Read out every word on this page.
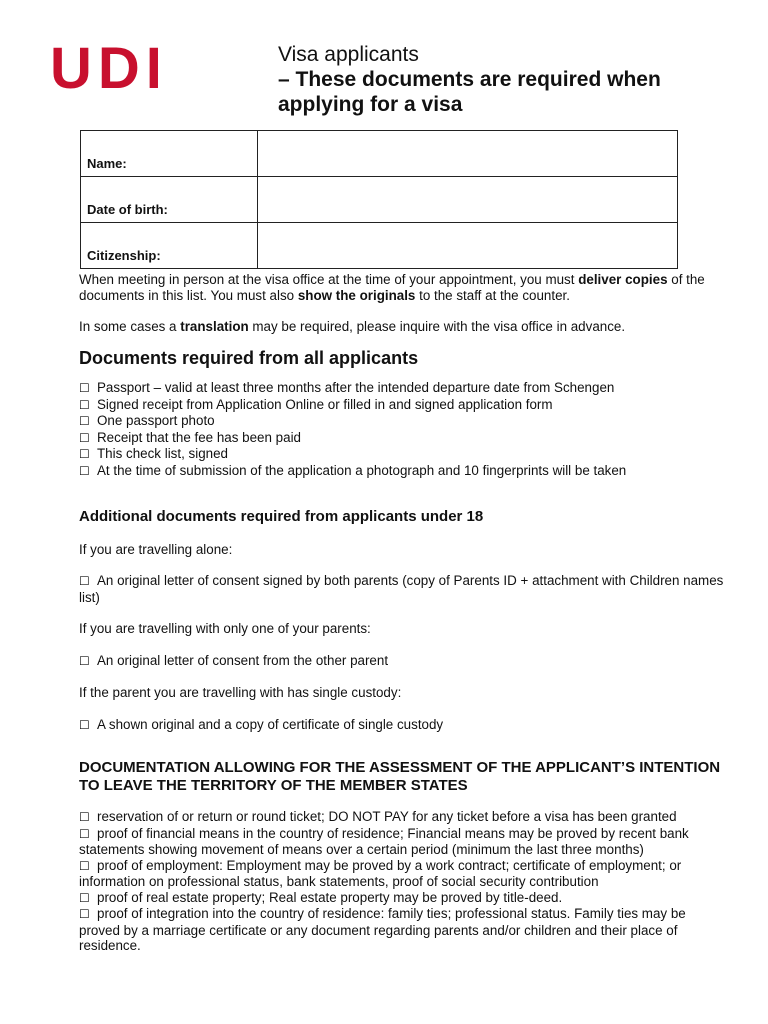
UDI	Visa applicants
– These documents are required when applying for a visa
Name:	
Date of birth:	
Citizenship:	

When meeting in person at the visa office at the time of your appointment, you must deliver copies of the documents in this list. You must also show the originals to the staff at the counter.

In some cases a translation may be required, please inquire with the visa office in advance.

Documents required from all applicants
☐ Passport – valid at least three months after the intended departure date from Schengen
☐ Signed receipt from Application Online or filled in and signed application form
☐ One passport photo
☐ Receipt that the fee has been paid
☐ This check list, signed
☐ At the time of submission of the application a photograph and 10 fingerprints will be taken
Additional documents required from applicants under 18

If you are travelling alone:

☐ An original letter of consent signed by both parents (copy of Parents ID + attachment with Children names list)

If you are travelling with only one of your parents:

☐ An original letter of consent from the other parent

If the parent you are travelling with has single custody:

☐ A shown original and a copy of certificate of single custody

DOCUMENTATION ALLOWING FOR THE ASSESSMENT OF THE APPLICANT’S INTENTION TO LEAVE THE TERRITORY OF THE MEMBER STATES
☐ reservation of or return or round ticket; DO NOT PAY for any ticket before a visa has been granted
☐ proof of financial means in the country of residence; Financial means may be proved by recent bank statements showing movement of means over a certain period (minimum the last three months)
☐ proof of employment: Employment may be proved by a work contract; certificate of employment; or information on professional status, bank statements, proof of social security contribution
☐ proof of real estate property; Real estate property may be proved by title-deed.
☐ proof of integration into the country of residence: family ties; professional status. Family ties may be proved by a marriage certificate or any document regarding parents and/or children and their place of residence.
